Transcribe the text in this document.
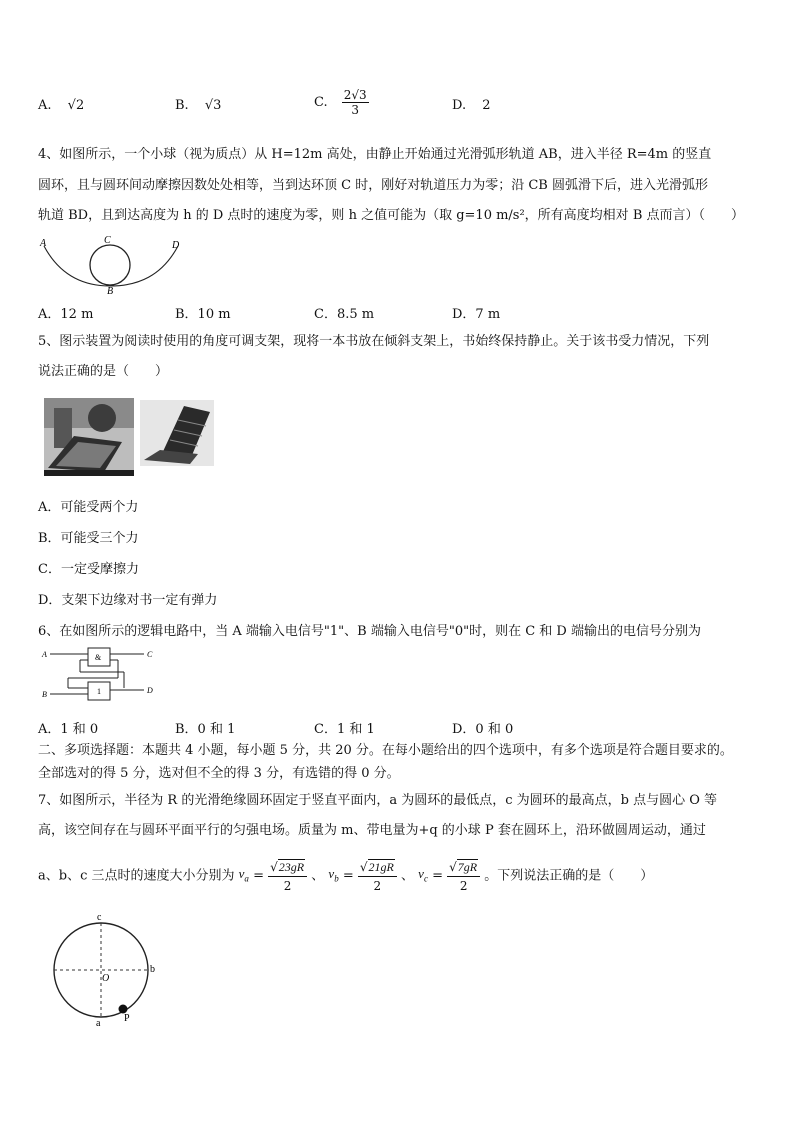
A. √2	B. √3	C. $\frac{2√3}{3}$	D. 2
4、如图所示，一个小球（视为质点）从 H=12m 高处，由静止开始通过光滑弧形轨道 AB，进入半径 R=4m 的竖直
圆环，且与圆环间动摩擦因数处处相等，当到达环顶 C 时，刚好对轨道压力为零；沿 CB 圆弧滑下后，进入光滑弧形
轨道 BD，且到达高度为 h 的 D 点时的速度为零，则 h 之值可能为（取 g=10 m/s²，所有高度均相对 B 点而言）（　　）
A	C	D
B
A．12 m	B．10 m	C．8.5 m	D．7 m
5、图示装置为阅读时使用的角度可调支架，现将一本书放在倾斜支架上，书始终保持静止。关于该书受力情况，下列
说法正确的是（　　）
A．可能受两个力
B．可能受三个力
C．一定受摩擦力
D．支架下边缘对书一定有弹力
6、在如图所示的逻辑电路中，当 A 端输入电信号"1"、B 端输入电信号"0"时，则在 C 和 D 端输出的电信号分别为
A
B
C
D
&
1
A．1 和 0	B．0 和 1	C．1 和 1	D．0 和 0
二、多项选择题：本题共 4 小题，每小题 5 分，共 20 分。在每小题给出的四个选项中，有多个选项是符合题目要求的。
全部选对的得 5 分，选对但不全的得 3 分，有选错的得 0 分。
7、如图所示，半径为 R 的光滑绝缘圆环固定于竖直平面内，a 为圆环的最低点，c 为圆环的最高点，b 点与圆心 O 等
高，该空间存在与圆环平面平行的匀强电场。质量为 m、带电量为+q 的小球 P 套在圆环上，沿环做圆周运动，通过
a、b、c 三点时的速度大小分别为 $v_a = \frac{√23gR}{2}$ 、 $v_b = \frac{√21gR}{2}$ 、 $v_c = \frac{√7gR}{2}$ 。下列说法正确的是（　　）
c
b
O
a P
